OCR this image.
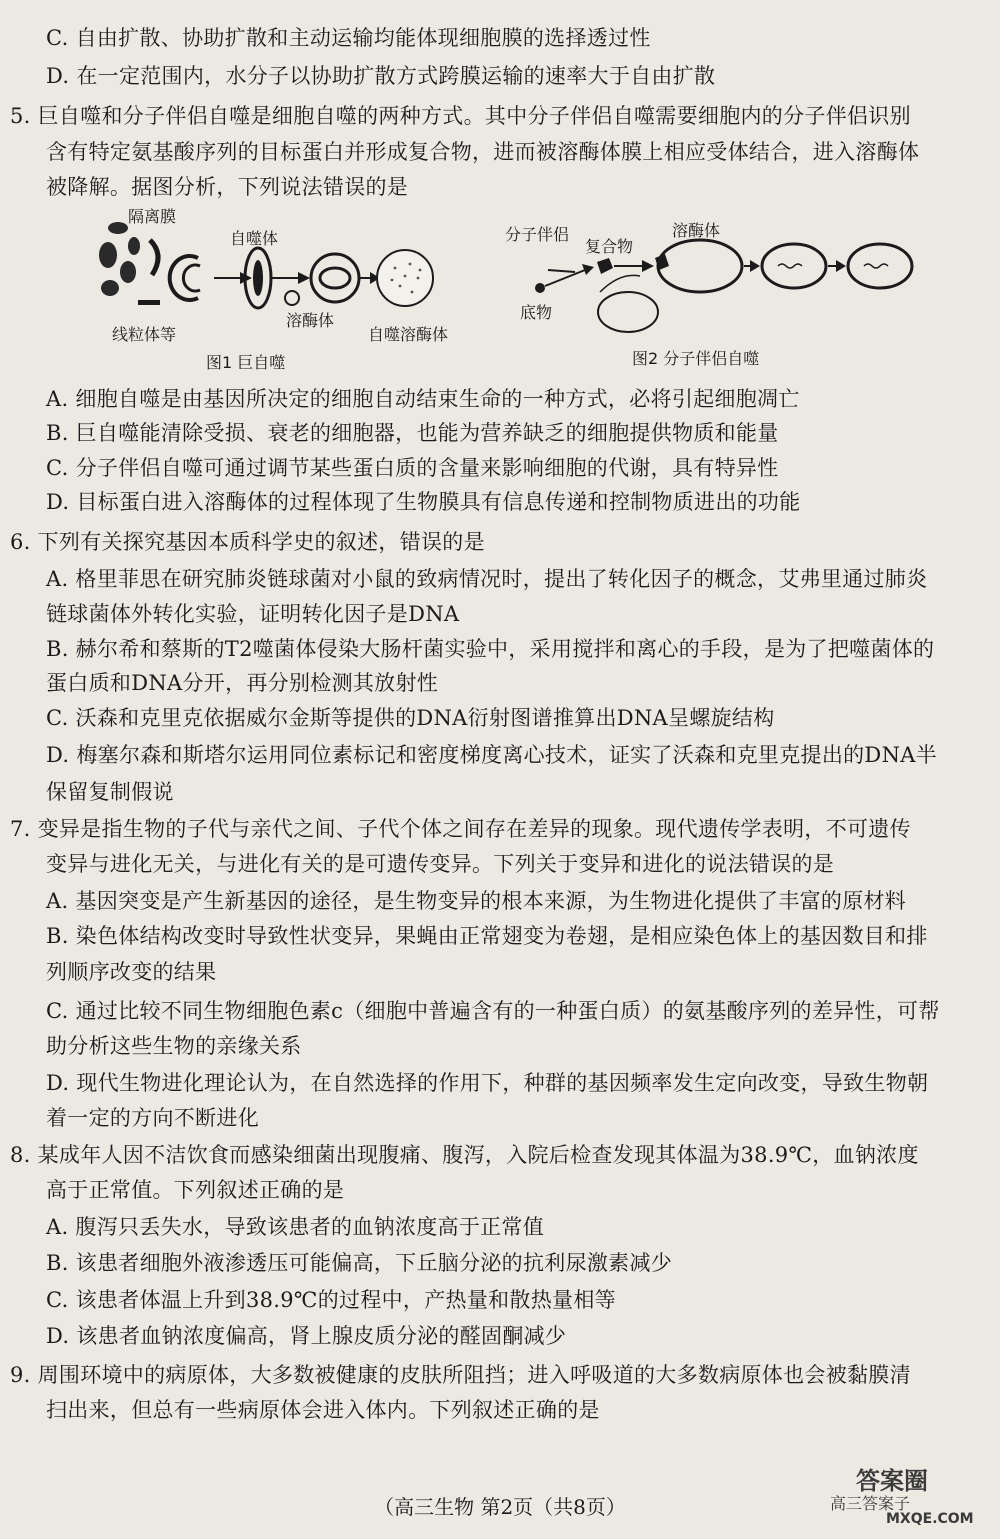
C. 自由扩散、协助扩散和主动运输均能体现细胞膜的选择透过性
D. 在一定范围内，水分子以协助扩散方式跨膜运输的速率大于自由扩散
5. 巨自噬和分子伴侣自噬是细胞自噬的两种方式。其中分子伴侣自噬需要细胞内的分子伴侣识别
含有特定氨基酸序列的目标蛋白并形成复合物，进而被溶酶体膜上相应受体结合，进入溶酶体
被降解。据图分析，下列说法错误的是
A. 细胞自噬是由基因所决定的细胞自动结束生命的一种方式，必将引起细胞凋亡
B. 巨自噬能清除受损、衰老的细胞器，也能为营养缺乏的细胞提供物质和能量
C. 分子伴侣自噬可通过调节某些蛋白质的含量来影响细胞的代谢，具有特异性
D. 目标蛋白进入溶酶体的过程体现了生物膜具有信息传递和控制物质进出的功能
6. 下列有关探究基因本质科学史的叙述，错误的是
A. 格里菲思在研究肺炎链球菌对小鼠的致病情况时，提出了转化因子的概念，艾弗里通过肺炎
链球菌体外转化实验，证明转化因子是DNA
B. 赫尔希和蔡斯的T2噬菌体侵染大肠杆菌实验中，采用搅拌和离心的手段，是为了把噬菌体的
蛋白质和DNA分开，再分别检测其放射性
C. 沃森和克里克依据威尔金斯等提供的DNA衍射图谱推算出DNA呈螺旋结构
D. 梅塞尔森和斯塔尔运用同位素标记和密度梯度离心技术，证实了沃森和克里克提出的DNA半
保留复制假说
7. 变异是指生物的子代与亲代之间、子代个体之间存在差异的现象。现代遗传学表明，不可遗传
变异与进化无关，与进化有关的是可遗传变异。下列关于变异和进化的说法错误的是
A. 基因突变是产生新基因的途径，是生物变异的根本来源，为生物进化提供了丰富的原材料
B. 染色体结构改变时导致性状变异，果蝇由正常翅变为卷翅，是相应染色体上的基因数目和排
列顺序改变的结果
C. 通过比较不同生物细胞色素c（细胞中普遍含有的一种蛋白质）的氨基酸序列的差异性，可帮
助分析这些生物的亲缘关系
D. 现代生物进化理论认为，在自然选择的作用下，种群的基因频率发生定向改变，导致生物朝
着一定的方向不断进化
8. 某成年人因不洁饮食而感染细菌出现腹痛、腹泻，入院后检查发现其体温为38.9℃，血钠浓度
高于正常值。下列叙述正确的是
A. 腹泻只丢失水，导致该患者的血钠浓度高于正常值
B. 该患者细胞外液渗透压可能偏高，下丘脑分泌的抗利尿激素减少
C. 该患者体温上升到38.9℃的过程中，产热量和散热量相等
D. 该患者血钠浓度偏高，肾上腺皮质分泌的醛固酮减少
9. 周围环境中的病原体，大多数被健康的皮肤所阻挡；进入呼吸道的大多数病原体也会被黏膜清
扫出来，但总有一些病原体会进入体内。下列叙述正确的是
隔离膜
自噬体
线粒体等
溶酶体
自噬溶酶体
图1 巨自噬
分子伴侣
复合物
溶酶体
底物
图2 分子伴侣自噬
（高三生物 第2页（共8页）
答案圈
MXQE.COM
高三答案子
